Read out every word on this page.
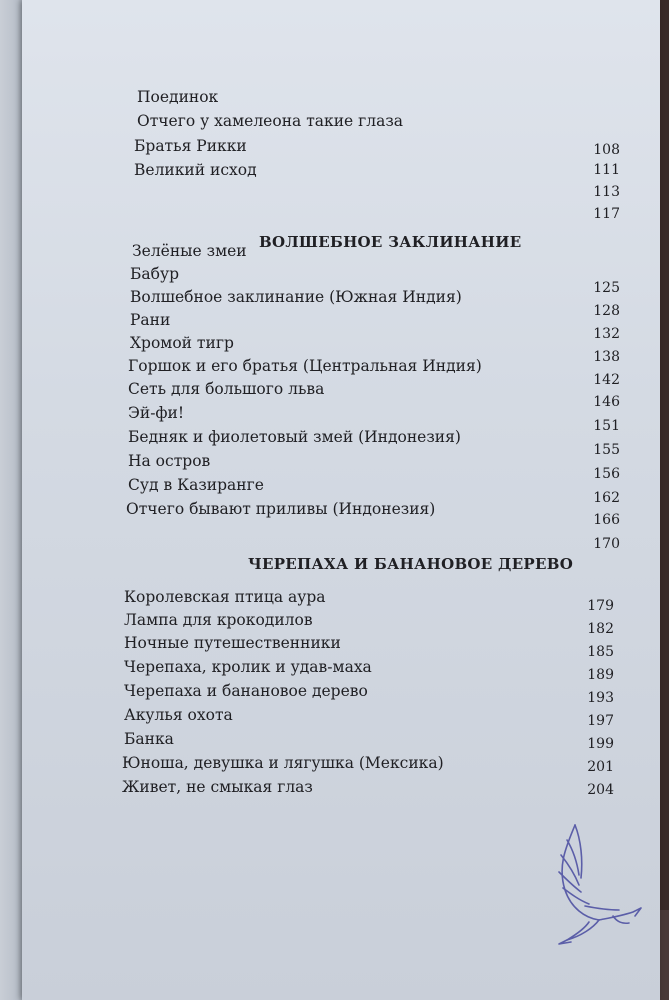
Поединок
Отчего у хамелеона такие глаза
Братья Рикки
Великий исход
108
111
113
117
ВОЛШЕБНОЕ ЗАКЛИНАНИЕ
Зелёные змеи
Бабур
Волшебное заклинание (Южная Индия)
Рани
Хромой тигр
Горшок и его братья (Центральная Индия)
Сеть для большого льва
Эй-фи!
Бедняк и фиолетовый змей (Индонезия)
На остров
Суд в Казиранге
Отчего бывают приливы (Индонезия)
125
128
132
138
142
146
151
155
156
162
166
170
ЧЕРЕПАХА И БАНАНОВОЕ ДЕРЕВО
Королевская птица аура
Лампа для крокодилов
Ночные путешественники
Черепаха, кролик и удав-маха
Черепаха и банановое дерево
Акулья охота
Банка
Юноша, девушка и лягушка (Мексика)
Живет, не смыкая глаз
179
182
185
189
193
197
199
201
204
